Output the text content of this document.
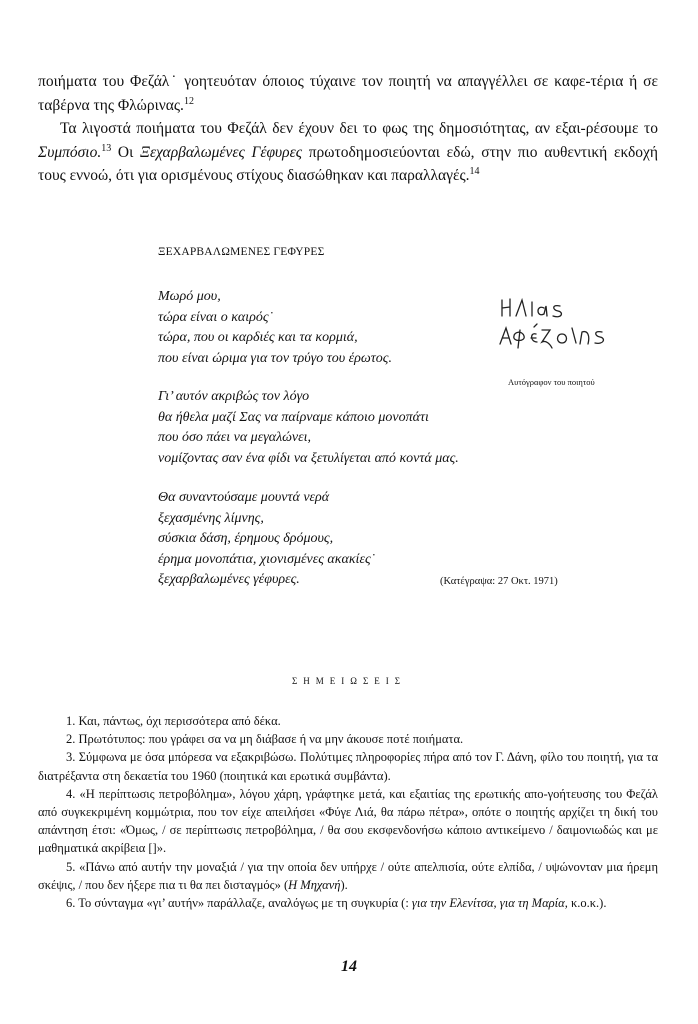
ποιήματα του Φεζάλ˙ γοητευόταν όποιος τύχαινε τον ποιητή να απαγγέλλει σε καφε-τέρια ή σε ταβέρνα της Φλώρινας.$^{12}$

Τα λιγοστά ποιήματα του Φεζάλ δεν έχουν δει το φως της δημοσιότητας, αν εξαι-ρέσουμε το Συμπόσιο.$^{13}$ Οι Ξεχαρβαλωμένες Γέφυρες πρωτοδημοσιεύονται εδώ, στην πιο αυθεντική εκδοχή τους εννοώ, ότι για ορισμένους στίχους διασώθηκαν και παραλλαγές.$^{14}$

ΞΕΧΑΡΒΑΛΩΜΕΝΕΣ ΓΕΦΥΡΕΣ
Μωρό μου,
τώρα είναι ο καιρός˙
τώρα, που οι καρδιές και τα κορμιά,
που είναι ώριμα για τον τρύγο του έρωτος.
Γι’ αυτόν ακριβώς τον λόγο
θα ήθελα μαζί Σας να παίρναμε κάποιο μονοπάτι
που όσο πάει να μεγαλώνει,
νομίζοντας σαν ένα φίδι να ξετυλίγεται από κοντά μας.
Θα συναντούσαμε μουντά νερά
ξεχασμένης λίμνης,
σύσκια δάση, έρημους δρόμους,
έρημα μονοπάτια, χιονισμένες ακακίες˙
ξεχαρβαλωμένες γέφυρες.
Αυτόγραφον του ποιητού
(Κατέγραψα: 27 Οκτ. 1971)
ΣΗΜΕΙΩΣΕΙΣ

1. Και, πάντως, όχι περισσότερα από δέκα.

2. Πρωτότυπος: που γράφει σα να μη διάβασε ή να μην άκουσε ποτέ ποιήματα.

3. Σύμφωνα με όσα μπόρεσα να εξακριβώσω. Πολύτιμες πληροφορίες πήρα από τον Γ. Δάνη, φίλο του ποιητή, για τα διατρέξαντα στη δεκαετία του 1960 (ποιητικά και ερωτικά συμβάντα).

4. «Η περίπτωσις πετροβόλημα», λόγου χάρη, γράφτηκε μετά, και εξαιτίας της ερωτικής απο-γοήτευσης του Φεζάλ από συγκεκριμένη κομμώτρια, που τον είχε απειλήσει «Φύγε Λιά, θα πάρω πέτρα», οπότε ο ποιητής αρχίζει τη δική του απάντηση έτσι: «Όμως, / σε περίπτωσις πετροβόλημα, / θα σου εκσφενδονήσω κάποιο αντικείμενο / δαιμονιωδώς και με μαθηματικά ακρίβεια []».

5. «Πάνω από αυτήν την μοναξιά / για την οποία δεν υπήρχε / ούτε απελπισία, ούτε ελπίδα, / υψώνονταν μια ήρεμη σκέψις, / που δεν ήξερε πια τι θα πει δισταγμός» (Η Μηχανή).

6. Το σύνταγμα «γι’ αυτήν» παράλλαζε, αναλόγως με τη συγκυρία (: για την Ελενίτσα, για τη Μαρία, κ.ο.κ.).

14
